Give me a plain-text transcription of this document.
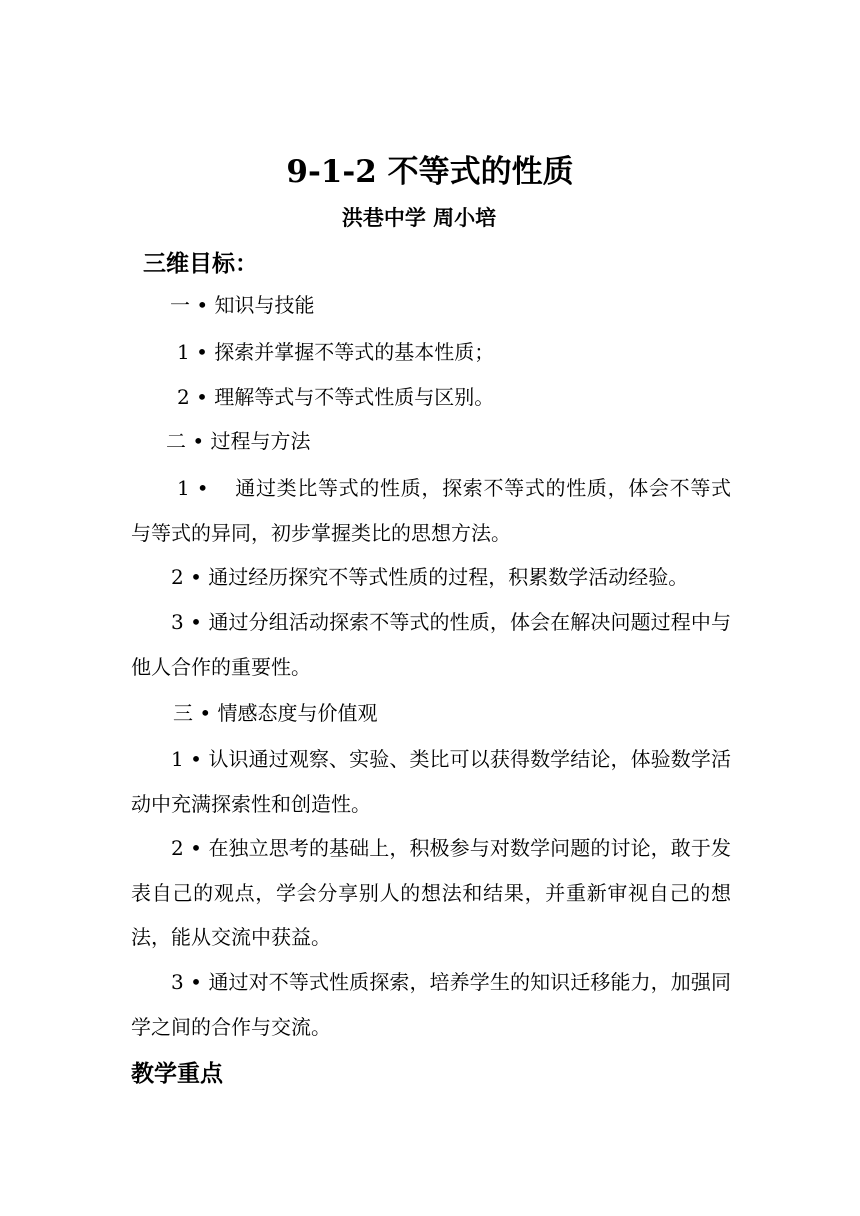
9-1-2 不等式的性质
洪巷中学 周小培
三维目标：
一 • 知识与技能
1 • 探索并掌握不等式的基本性质；
2 • 理解等式与不等式性质与区别。
二 • 过程与方法

1 • 通过类比等式的性质，探索不等式的性质，体会不等式与等式的异同，初步掌握类比的思想方法。

2 • 通过经历探究不等式性质的过程，积累数学活动经验。

3 • 通过分组活动探索不等式的性质，体会在解决问题过程中与他人合作的重要性。

三 • 情感态度与价值观

1 • 认识通过观察、实验、类比可以获得数学结论，体验数学活动中充满探索性和创造性。

2 • 在独立思考的基础上，积极参与对数学问题的讨论，敢于发表自己的观点，学会分享别人的想法和结果，并重新审视自己的想法，能从交流中获益。

3 • 通过对不等式性质探索，培养学生的知识迁移能力，加强同学之间的合作与交流。

教学重点
